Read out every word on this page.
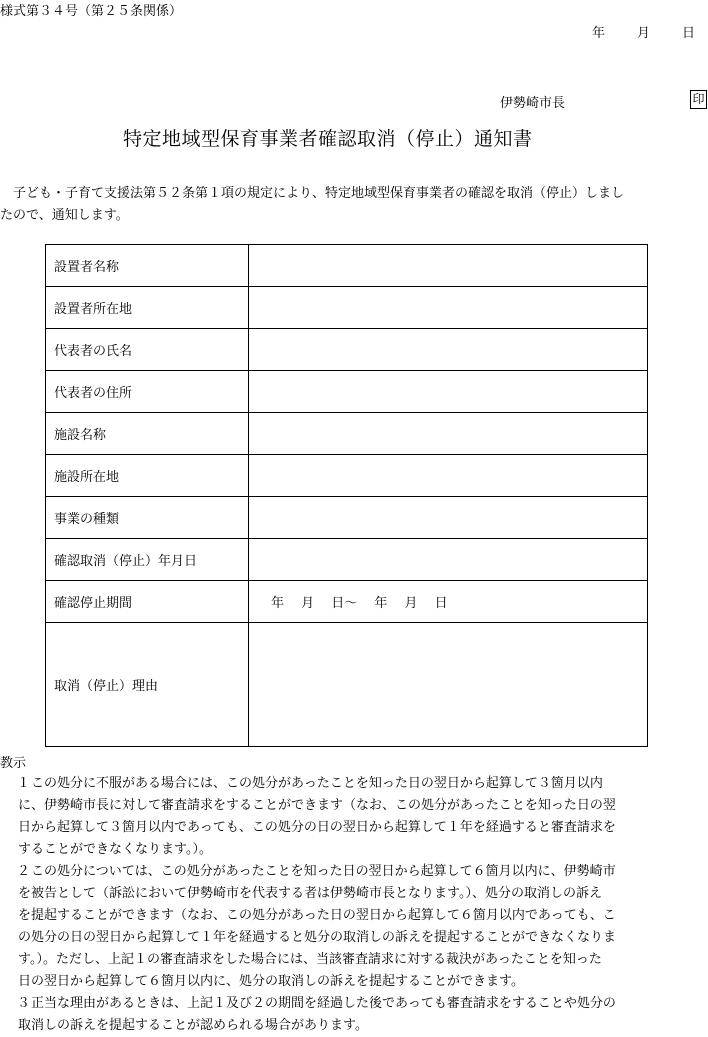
様式第３４号（第２５条関係）
年 月 日
伊勢崎市長	印
特定地域型保育事業者確認取消（停止）通知書
子ども・子育て支援法第５２条第１項の規定により、特定地域型保育事業者の確認を取消（停止）しまし
たので、通知します。
設置者名称	
設置者所在地	
代表者の氏名	
代表者の住所	
施設名称	
施設所在地	
事業の種類	
確認取消（停止）年月日	
確認停止期間	年　 月　 日～　 年　 月　 日
取消（停止）理由	
教示
１ この処分に不服がある場合には、この処分があったことを知った日の翌日から起算して３箇月以内
に、伊勢崎市長に対して審査請求をすることができます（なお、この処分があったことを知った日の翌
日から起算して３箇月以内であっても、この処分の日の翌日から起算して１年を経過すると審査請求を
することができなくなります。）。
２ この処分については、この処分があったことを知った日の翌日から起算して６箇月以内に、伊勢崎市
を被告として（訴訟において伊勢崎市を代表する者は伊勢崎市長となります。）、処分の取消しの訴え
を提起することができます（なお、この処分があった日の翌日から起算して６箇月以内であっても、こ
の処分の日の翌日から起算して１年を経過すると処分の取消しの訴えを提起することができなくなりま
す。）。ただし、上記１の審査請求をした場合には、当該審査請求に対する裁決があったことを知った
日の翌日から起算して６箇月以内に、処分の取消しの訴えを提起することができます。
３ 正当な理由があるときは、上記１及び２の期間を経過した後であっても審査請求をすることや処分の
取消しの訴えを提起することが認められる場合があります。
